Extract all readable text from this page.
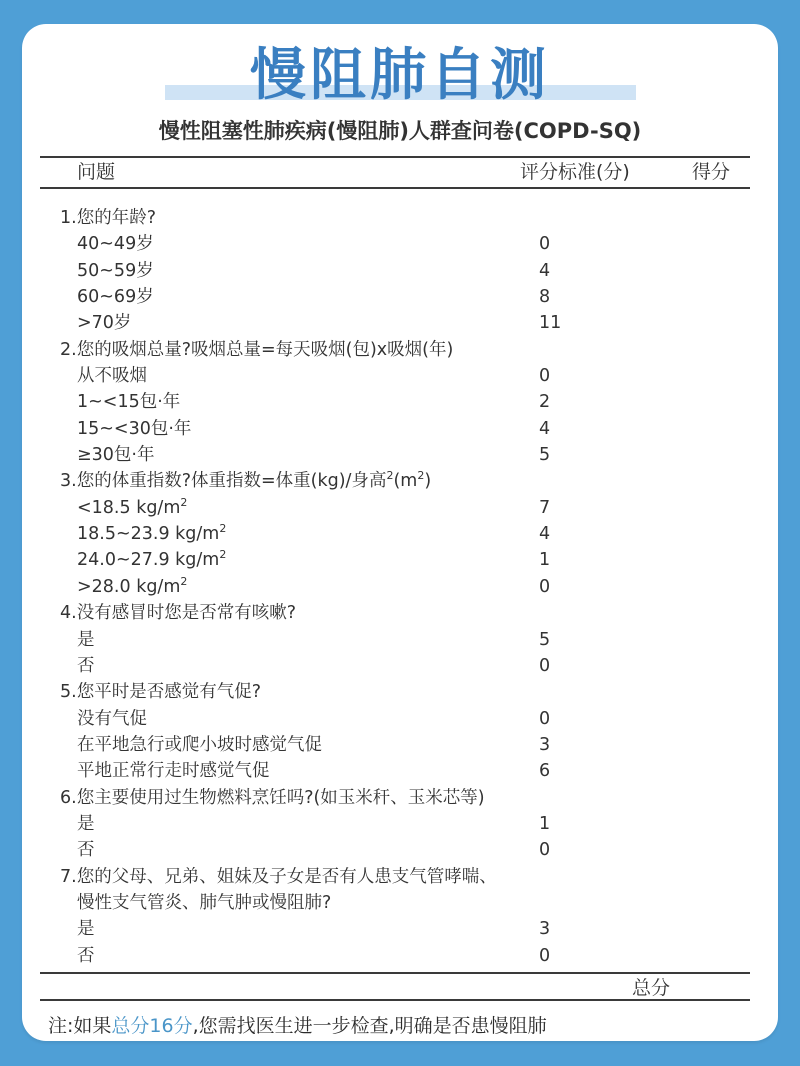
慢阻肺自测
慢性阻塞性肺疾病(慢阻肺)人群查问卷(COPD-SQ)
问题	评分标准(分)	得分
1.您的年龄?
40~49岁	0
50~59岁	4
60~69岁	8
>70岁	11
2.您的吸烟总量?吸烟总量=每天吸烟(包)x吸烟(年)
从不吸烟	0
1~<15包·年	2
15~<30包·年	4
≥30包·年	5
3.您的体重指数?体重指数=体重(kg)/身高$^2(m^2)$
<18.5 $kg/m^2$	7
18.5~23.9 $kg/m^2$	4
24.0~27.9 $kg/m^2$	1
>28.0 $kg/m^2$	0
4.没有感冒时您是否常有咳嗽?
是	5
否	0
5.您平时是否感觉有气促?
没有气促	0
在平地急行或爬小坡时感觉气促	3
平地正常行走时感觉气促	6
6.您主要使用过生物燃料烹饪吗?(如玉米秆、玉米芯等)
是	1
否	0
7.您的父母、兄弟、姐妹及子女是否有人患支气管哮喘、
慢性支气管炎、肺气肿或慢阻肺?
是	3
否	0
总分
注:如果总分16分,您需找医生进一步检查,明确是否患慢阻肺
